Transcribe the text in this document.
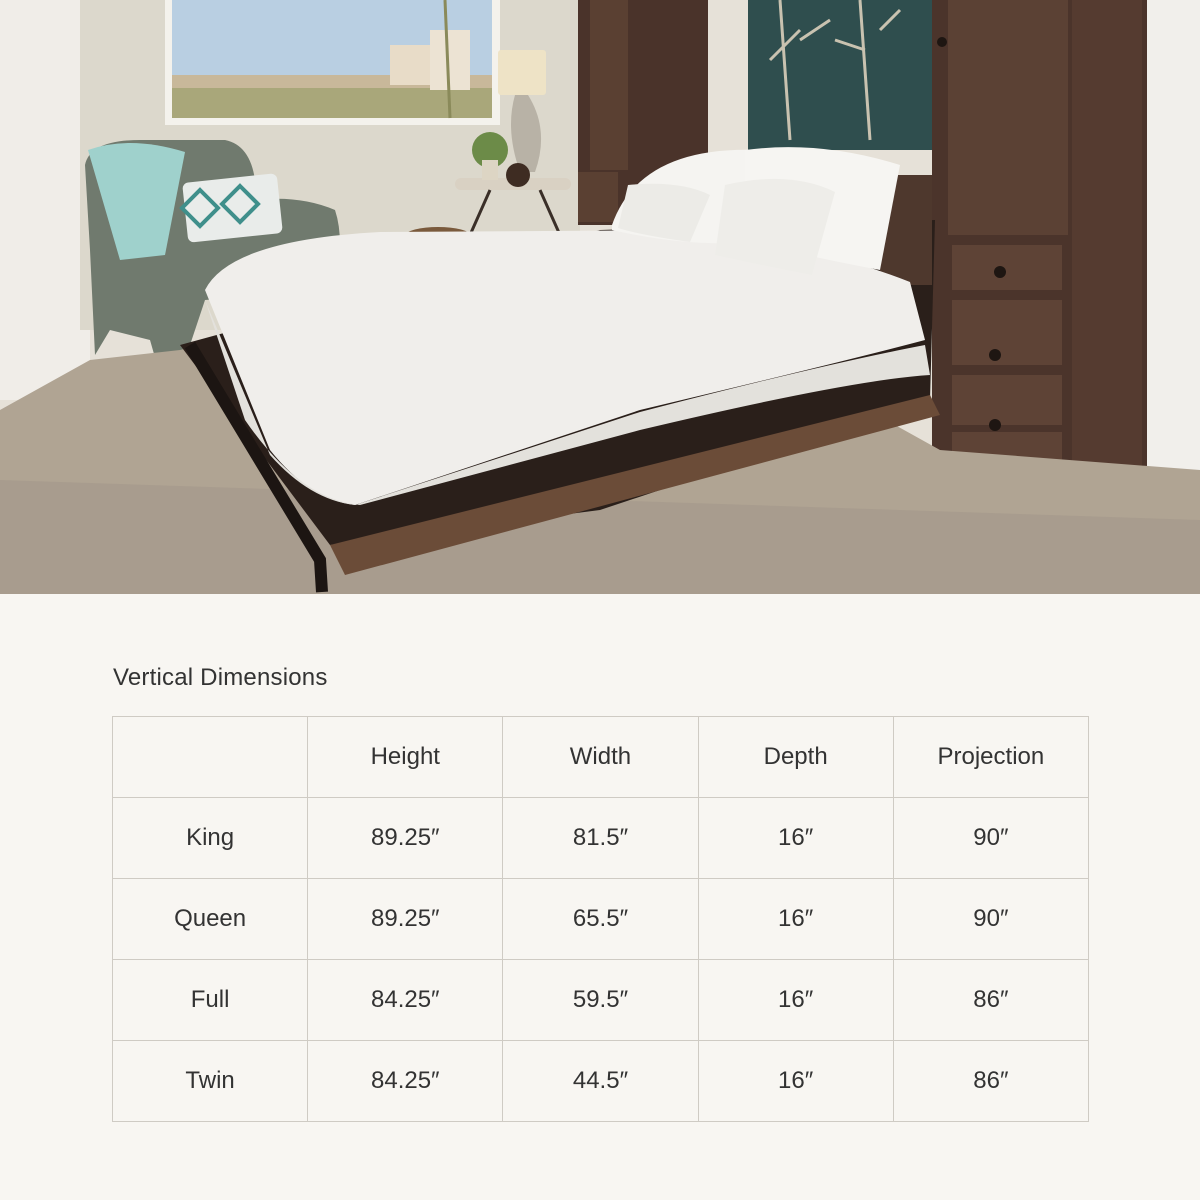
Vertical Dimensions
	Height	Width	Depth	Projection
King	89.25″	81.5″	16″	90″
Queen	89.25″	65.5″	16″	90″
Full	84.25″	59.5″	16″	86″
Twin	84.25″	44.5″	16″	86″
